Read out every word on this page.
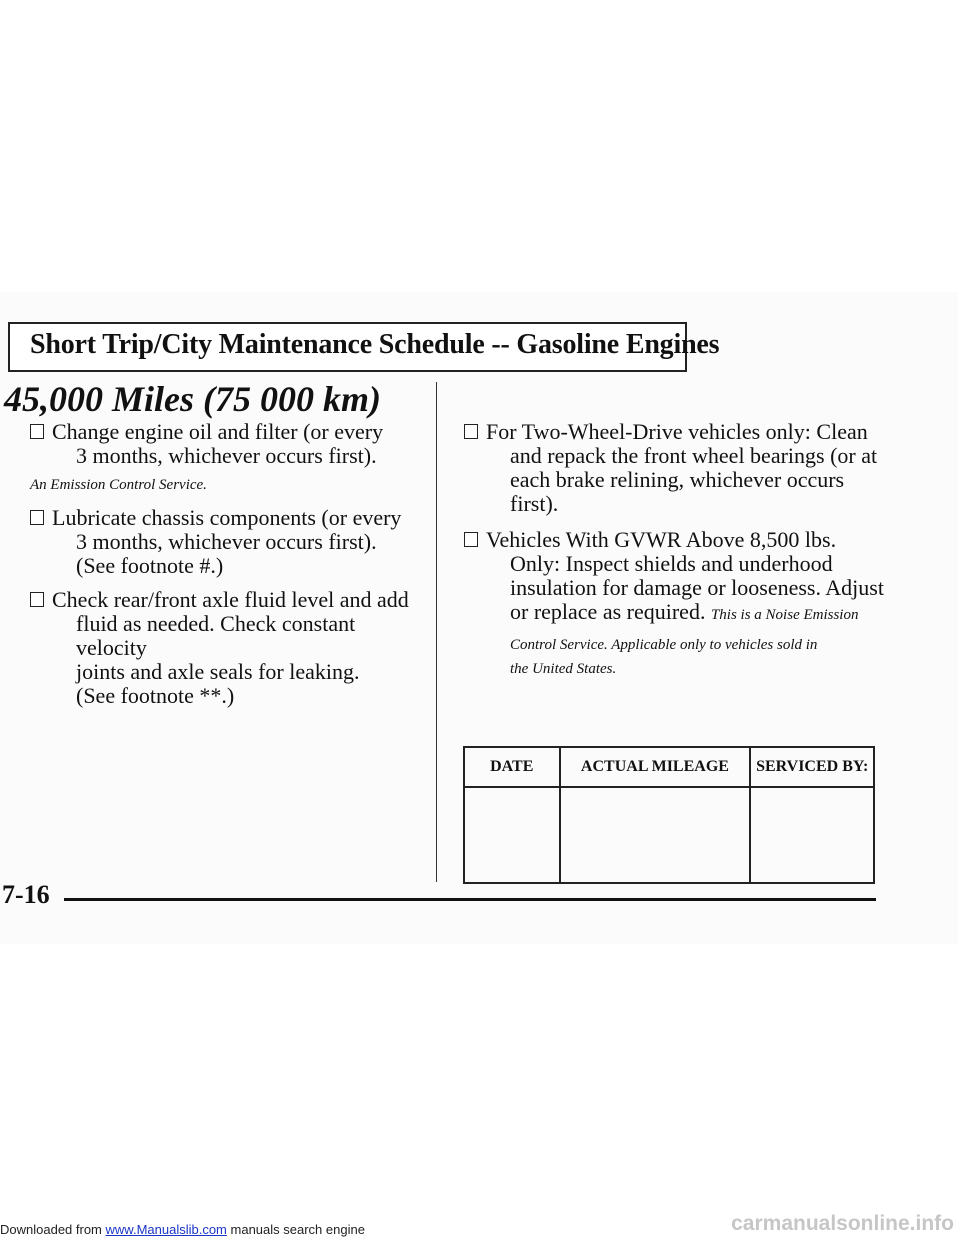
Short Trip/City Maintenance Schedule -- Gasoline Engines
45,000 Miles (75 000 km)
Change engine oil and filter (or every
3 months, whichever occurs first).
An Emission Control Service.
Lubricate chassis components (or every
3 months, whichever occurs first).
(See footnote #.)
Check rear/front axle fluid level and add
fluid as needed. Check constant velocity
joints and axle seals for leaking.
(See footnote **.)
For Two-Wheel-Drive vehicles only: Clean
and repack the front wheel bearings (or at
each brake relining, whichever occurs first).
Vehicles With GVWR Above 8,500 lbs.
Only: Inspect shields and underhood
insulation for damage or looseness. Adjust
or replace as required. This is a Noise Emission
Control Service. Applicable only to vehicles sold in
the United States.
DATE	ACTUAL MILEAGE	SERVICED BY:

7-16
Downloaded from www.Manualslib.com manuals search engine	carmanualsonline.info
